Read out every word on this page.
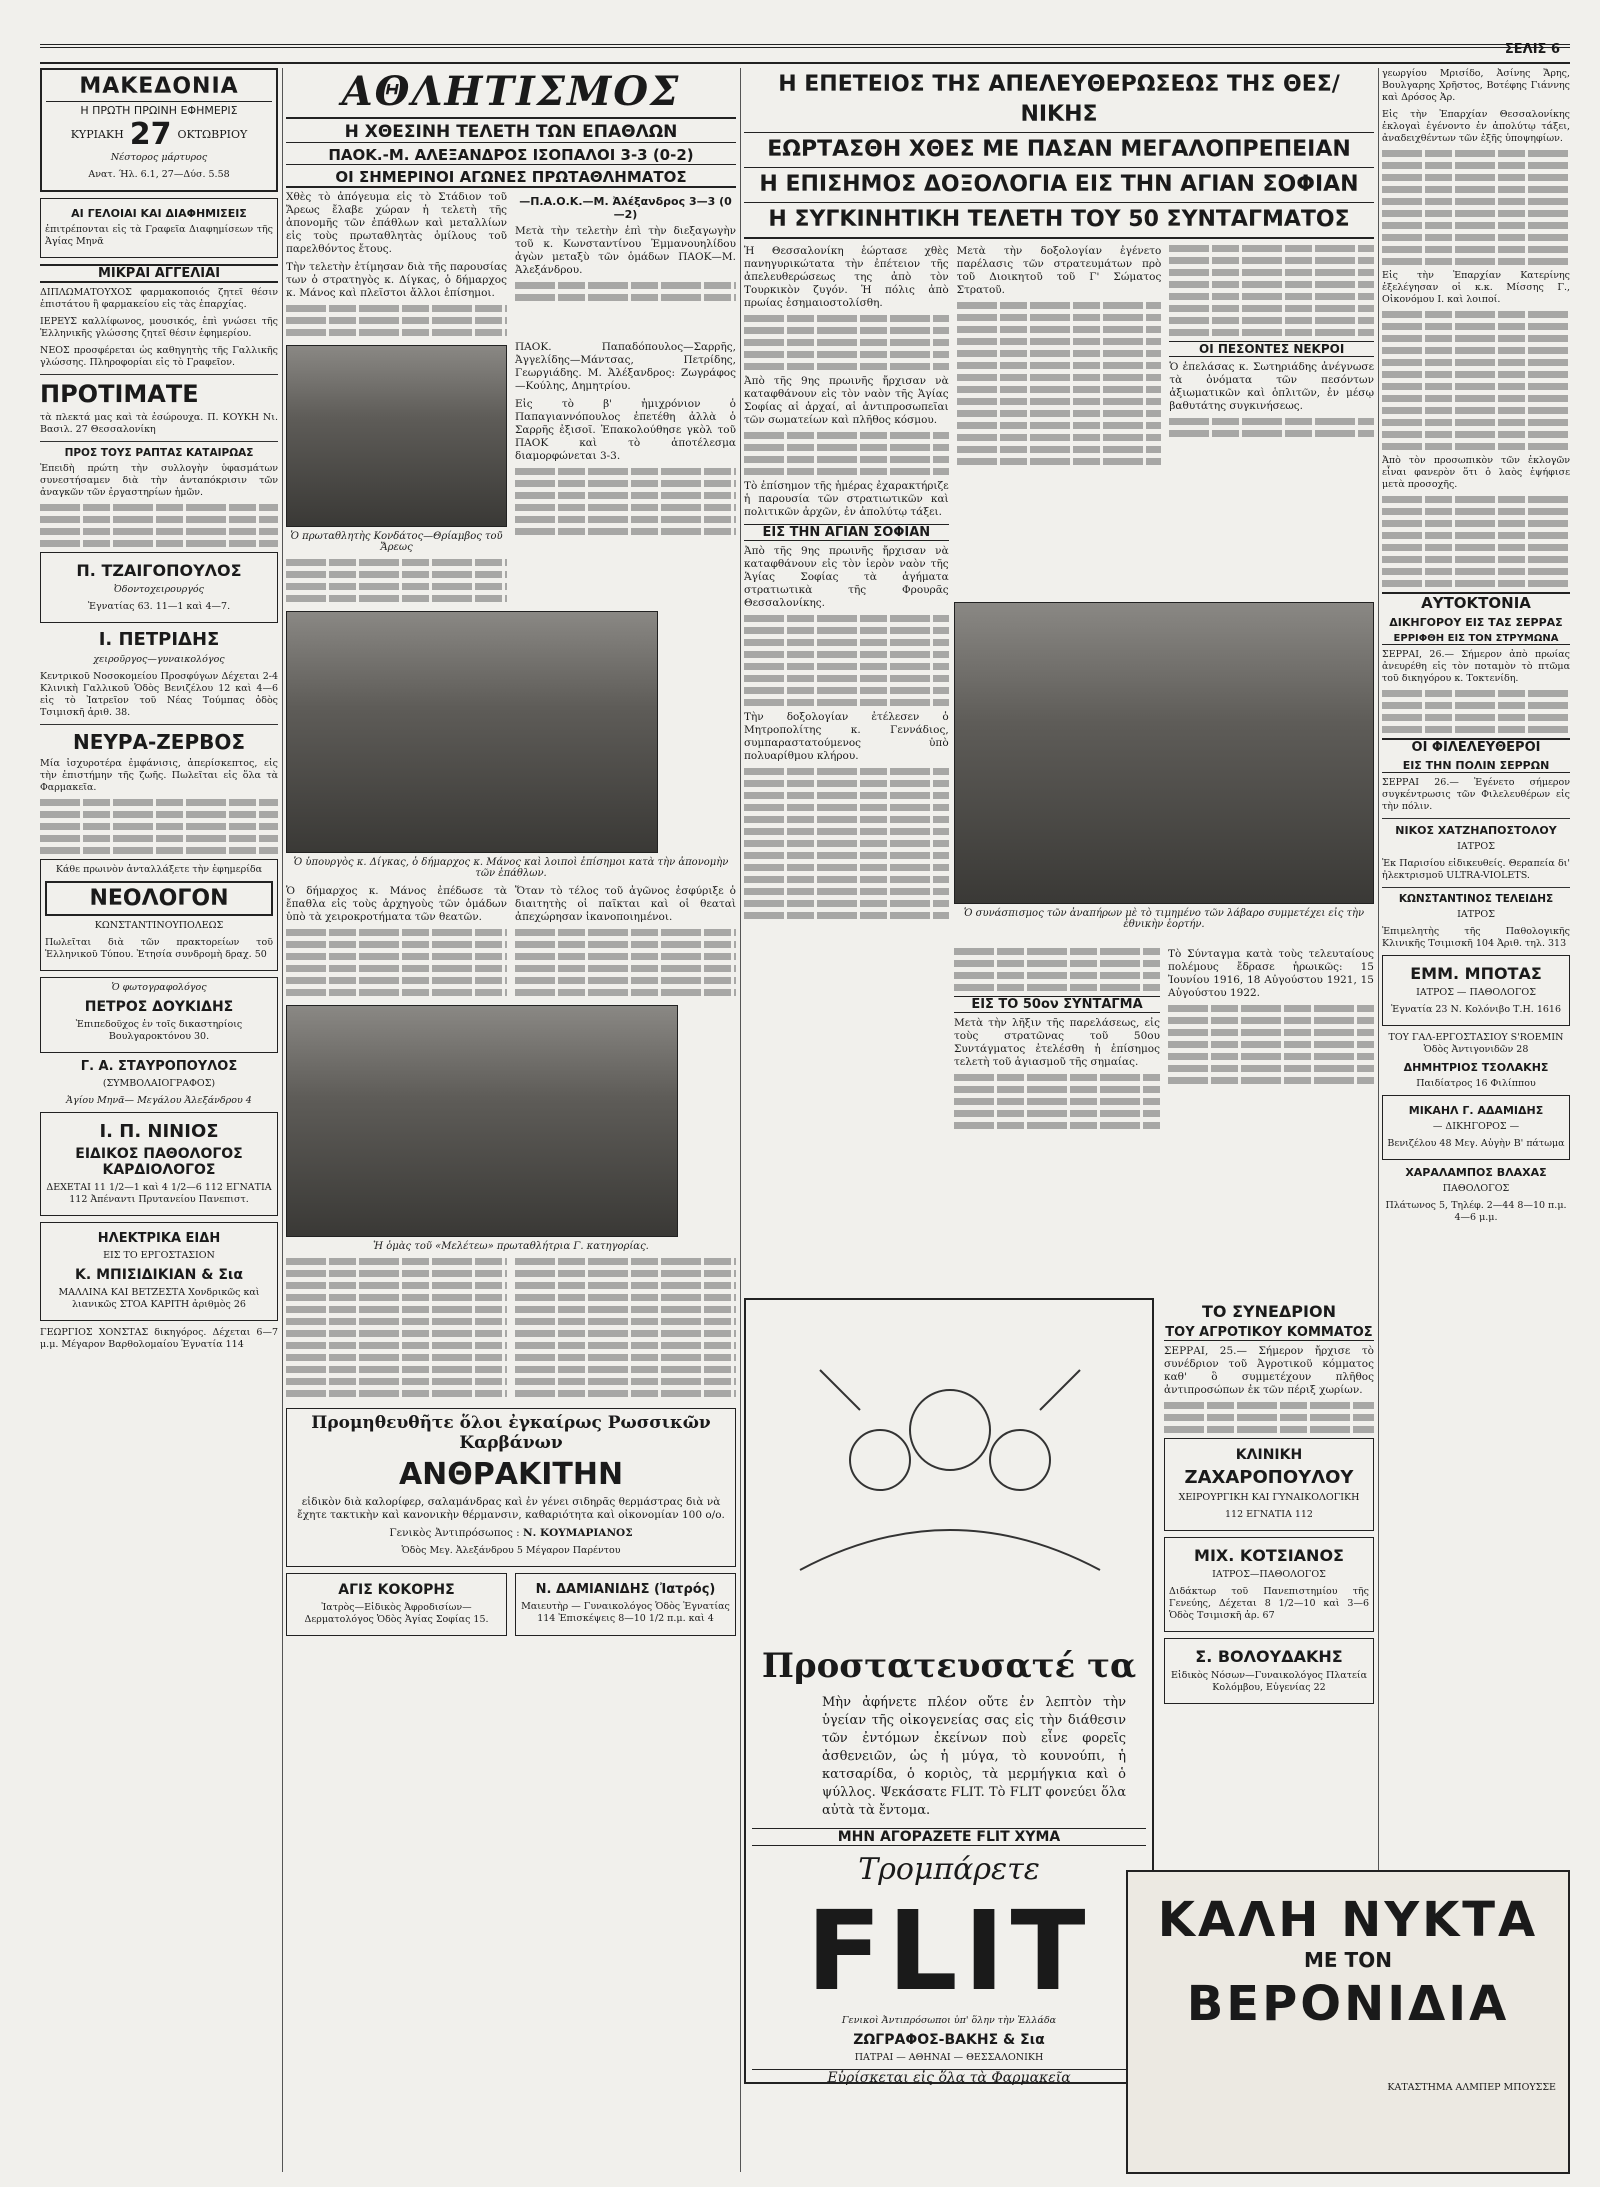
ΣΕΛΙΣ 6
ΜΑΚΕΔΟΝΙΑ
Η ΠΡΩΤΗ ΠΡΩΙΝΗ ΕΦΗΜΕΡΙΣ
ΚΥΡΙΑΚΗ 27 ΟΚΤΩΒΡΙΟΥ
Νέστορος μάρτυρος
Ανατ. Ήλ. 6.1, 27—Δύσ. 5.58
ΑΙ ΓΕΛΟΙΑΙ ΚΑΙ ΔΙΑΦΗΜΙΣΕΙΣ
ἐπιτρέπονται εἰς τὰ Γραφεῖα Διαφημίσεων τῆς Ἀγίας Μηνᾶ
ΜΙΚΡΑΙ ΑΓΓΕΛΙΑΙ

ΔΙΠΛΩΜΑΤΟΥΧΟΣ φαρμακοποιός ζητεῖ θέσιν ἐπιστάτου ἢ φαρμακείου εἰς τὰς ἐπαρχίας.

ΙΕΡΕΥΣ καλλίφωνος, μουσικός, ἐπὶ γνώσει τῆς Ἑλληνικῆς γλώσσης ζητεῖ θέσιν ἐφημερίου.

ΝΕΟΣ προσφέρεται ὡς καθηγητὴς τῆς Γαλλικῆς γλώσσης. Πληροφορίαι εἰς τὸ Γραφεῖον.

ΠΡΟΤΙΜΑΤΕ

τὰ πλεκτά μας καὶ τὰ ἐσώρουχα. Π. ΚΟΥΚΗ Νι. Βασιλ. 27 Θεσσαλονίκη

ΠΡΟΣ ΤΟΥΣ ΡΑΠΤΑΣ ΚΑΤΑΙΡΩΑΣ

Ἐπειδὴ πρώτη τὴν συλλογὴν ὑφασμάτων συνεστήσαμεν διὰ τὴν ἀνταπόκρισιν τῶν ἀναγκῶν τῶν ἐργαστηρίων ἡμῶν.

Π. ΤΖΑΙΓΟΠΟΥΛΟΣ
Ὀδοντοχειρουργός
Ἐγνατίας 63. 11—1 καὶ 4—7.
Ι. ΠΕΤΡΙΔΗΣ
χειροῦργος—γυναικολόγος

Κεντρικοῦ Νοσοκομείου Προσφύγων Δέχεται 2-4 Κλινικὴ Γαλλικοῦ Ὁδὸς Βενιζέλου 12 καὶ 4—6 εἰς τὸ Ἰατρεῖον τοῦ Νέας Τούμπας ὁδὸς Τσιμισκῆ ἀριθ. 38.

ΝΕΥΡΑ-ΖΕΡΒΟΣ

Μία ἰσχυροτέρα ἐμφάνισις, ἀπερίσκεπτος, εἰς τὴν ἐπιστήμην τῆς ζωῆς. Πωλεῖται εἰς ὅλα τὰ Φαρμακεῖα.

Κάθε πρωινὸν ἀνταλλάξετε τὴν ἐφημερίδα
ΝΕΟΛΟΓΟΝ
ΚΩΝΣΤΑΝΤΙΝΟΥΠΟΛΕΩΣ

Πωλεῖται διὰ τῶν πρακτορείων τοῦ Ἑλληνικοῦ Τύπου. Ἐτησία συνδρομὴ δραχ. 50

Ὁ φωτογραφολόγος
ΠΕΤΡΟΣ ΔΟΥΚΙΔΗΣ
Ἐπιπεδοῦχος ἐν τοῖς δικαστηρίοις Βουλγαροκτόνου 30.
Γ. Α. ΣΤΑΥΡΟΠΟΥΛΟΣ
(ΣΥΜΒΟΛΑΙΟΓΡΑΦΟΣ)
Ἁγίου Μηνᾶ— Μεγάλου Ἀλεξάνδρου 4
Ι. Π. ΝΙΝΙΟΣ
ΕΙΔΙΚΟΣ ΠΑΘΟΛΟΓΟΣ ΚΑΡΔΙΟΛΟΓΟΣ
ΔΕΧΕΤΑΙ 11 1/2—1 καὶ 4 1/2—6 112 ΕΓΝΑΤΙΑ 112 Ἀπέναντι Πρυτανείου Πανεπιστ.
ΗΛΕΚΤΡΙΚΑ ΕΙΔΗ
ΕΙΣ ΤΟ ΕΡΓΟΣΤΑΣΙΟΝ
Κ. ΜΠΙΣΙΔΙΚΙΑΝ & Σια
ΜΑΛΛΙΝΑ ΚΑΙ ΒΕΤΖΕΣΤΑ Χονδρικῶς καὶ λιανικῶς ΣΤΟΑ ΚΑΡΙΤΗ ἀριθμὸς 26

ΓΕΩΡΓΙΟΣ ΧΟΝΣΤΑΣ δικηγόρος. Δέχεται 6—7 μ.μ. Μέγαρον Βαρθολομαίου Ἐγνατία 114

ΑΘΛΗΤΙΣΜΟΣ
Η ΧΘΕΣΙΝΗ ΤΕΛΕΤΗ ΤΩΝ ΕΠΑΘΛΩΝ
ΠΑΟΚ.-Μ. ΑΛΕΞΑΝΔΡΟΣ ΙΣΟΠΑΛΟΙ 3-3 (0-2)
ΟΙ ΣΗΜΕΡΙΝΟΙ ΑΓΩΝΕΣ ΠΡΩΤΑΘΛΗΜΑΤΟΣ

Χθὲς τὸ ἀπόγευμα εἰς τὸ Στάδιον τοῦ Ἄρεως ἔλαβε χώραν ἡ τελετὴ τῆς ἀπονομῆς τῶν ἐπάθλων καὶ μεταλλίων εἰς τοὺς πρωταθλητὰς ὁμίλους τοῦ παρελθόντος ἔτους.

Τὴν τελετὴν ἐτίμησαν διὰ τῆς παρουσίας των ὁ στρατηγὸς κ. Δίγκας, ὁ δήμαρχος κ. Μάνος καὶ πλεῖστοι ἄλλοι ἐπίσημοι.

—Π.Α.Ο.Κ.—Μ. Ἀλέξανδρος 3—3 (0—2)

Μετὰ τὴν τελετὴν ἐπὶ τὴν διεξαγωγὴν τοῦ κ. Κωνσταντίνου Ἐμμανουηλίδου ἀγὼν μεταξὺ τῶν ὁμάδων ΠΑΟΚ—Μ. Ἀλεξάνδρου.

Ὁ πρωταθλητὴς Κονδάτος—Θρίαμβος τοῦ Ἄρεως

ΠΑΟΚ. Παπαδόπουλος—Σαρρῆς, Ἀγγελίδης—Μάντσας, Πετρίδης, Γεωργιάδης. Μ. Ἀλέξανδρος: Ζωγράφος—Κούλης, Δημητρίου.

Εἰς τὸ β' ἡμιχρόνιον ὁ Παπαγιαννόπουλος ἐπετέθη ἀλλὰ ὁ Σαρρῆς ἐξισοῖ. Ἐπακολούθησε γκὸλ τοῦ ΠΑΟΚ καὶ τὸ ἀποτέλεσμα διαμορφώνεται 3-3.

Ὁ ὑπουργὸς κ. Δίγκας, ὁ δήμαρχος κ. Μάνος καὶ λοιποὶ ἐπίσημοι κατὰ τὴν ἀπονομὴν τῶν ἐπάθλων.

Ὁ δήμαρχος κ. Μάνος ἐπέδωσε τὰ ἔπαθλα εἰς τοὺς ἀρχηγοὺς τῶν ὁμάδων ὑπὸ τὰ χειροκροτήματα τῶν θεατῶν.

Ὅταν τὸ τέλος τοῦ ἀγῶνος ἐσφύριξε ὁ διαιτητὴς οἱ παῖκται καὶ οἱ θεαταὶ ἀπεχώρησαν ἱκανοποιημένοι.

Ἡ ὁμὰς τοῦ «Μελέτεω» πρωταθλήτρια Γ. κατηγορίας.
Προμηθευθῆτε ὅλοι ἐγκαίρως Ρωσσικῶν Καρβάνων
ΑΝΘΡΑΚΙΤΗΝ
εἰδικὸν διὰ καλορίφερ, σαλαμάνδρας καὶ ἐν γένει σιδηρᾶς θερμάστρας διὰ νὰ ἔχητε τακτικὴν καὶ κανονικὴν θέρμανσιν, καθαριότητα καὶ οἰκονομίαν 100 ο/ο.
Γενικὸς Ἀντιπρόσωπος : Ν. ΚΟΥΜΑΡΙΑΝΟΣ
Ὁδὸς Μεγ. Ἀλεξάνδρου 5 Μέγαρον Παρέντου
ΑΓΙΣ ΚΟΚΟΡΗΣ
Ἰατρὸς—Εἰδικὸς Ἀφροδισίων—Δερματολόγος Ὁδὸς Ἁγίας Σοφίας 15.
Ν. ΔΑΜΙΑΝΙΔΗΣ (Ἰατρός)
Μαιευτὴρ — Γυναικολόγος Ὁδὸς Ἐγνατίας 114 Ἐπισκέψεις 8—10 1/2 π.μ. καὶ 4
Η ΕΠΕΤΕΙΟΣ ΤΗΣ ΑΠΕΛΕΥΘΕΡΩΣΕΩΣ ΤΗΣ ΘΕΣ/ΝΙΚΗΣ
ΕΩΡΤΑΣΘΗ ΧΘΕΣ ΜΕ ΠΑΣΑΝ ΜΕΓΑΛΟΠΡΕΠΕΙΑΝ
Η ΕΠΙΣΗΜΟΣ ΔΟΞΟΛΟΓΙΑ ΕΙΣ ΤΗΝ ΑΓΙΑΝ ΣΟΦΙΑΝ
Η ΣΥΓΚΙΝΗΤΙΚΗ ΤΕΛΕΤΗ ΤΟΥ 50 ΣΥΝΤΑΓΜΑΤΟΣ

Ἡ Θεσσαλονίκη ἑώρτασε χθὲς πανηγυρικώτατα τὴν ἐπέτειον τῆς ἀπελευθερώσεως της ἀπὸ τὸν Τουρκικὸν ζυγόν. Ἡ πόλις ἀπὸ πρωίας ἐσημαιοστολίσθη.

Ἀπὸ τῆς 9ης πρωινῆς ἤρχισαν νὰ καταφθάνουν εἰς τὸν ναὸν τῆς Ἁγίας Σοφίας αἱ ἀρχαί, αἱ ἀντιπροσωπεῖαι τῶν σωματείων καὶ πλῆθος κόσμου.

Τὸ ἐπίσημον τῆς ἡμέρας ἐχαρακτήριζε ἡ παρουσία τῶν στρατιωτικῶν καὶ πολιτικῶν ἀρχῶν, ἐν ἀπολύτῳ τάξει.

ΕΙΣ ΤΗΝ ΑΓΙΑΝ ΣΟΦΙΑΝ

Ἀπὸ τῆς 9ης πρωινῆς ἤρχισαν νὰ καταφθάνουν εἰς τὸν ἱερὸν ναὸν τῆς Ἁγίας Σοφίας τὰ ἀγήματα στρατιωτικὰ τῆς Φρουρᾶς Θεσσαλονίκης.

Τὴν δοξολογίαν ἐτέλεσεν ὁ Μητροπολίτης κ. Γεννάδιος, συμπαραστατούμενος ὑπὸ πολυαρίθμου κλήρου.

Μετὰ τὴν δοξολογίαν ἐγένετο παρέλασις τῶν στρατευμάτων πρὸ τοῦ Διοικητοῦ τοῦ Γ' Σώματος Στρατοῦ.

ΟΙ ΠΕΣΟΝΤΕΣ ΝΕΚΡΟΙ

Ὁ ἐπελάσας κ. Σωτηριάδης ἀνέγνωσε τὰ ὀνόματα τῶν πεσόντων ἀξιωματικῶν καὶ ὁπλιτῶν, ἐν μέσῳ βαθυτάτης συγκινήσεως.

Ὁ συνάσπισμος τῶν ἀναπήρων μὲ τὸ τιμημένο τῶν λάβαρο συμμετέχει εἰς τὴν ἐθνικὴν ἑορτήν.
ΕΙΣ ΤΟ 50ον ΣΥΝΤΑΓΜΑ

Μετὰ τὴν λῆξιν τῆς παρελάσεως, εἰς τοὺς στρατῶνας τοῦ 50ου Συντάγματος ἐτελέσθη ἡ ἐπίσημος τελετὴ τοῦ ἁγιασμοῦ τῆς σημαίας.

Τὸ Σύνταγμα κατὰ τοὺς τελευταίους πολέμους ἔδρασε ἡρωικῶς: 15 Ἰουνίου 1916, 18 Αὐγούστου 1921, 15 Αὐγούστου 1922.

Προστατευσατέ τα

Μὴν ἀφήνετε πλέον οὔτε ἐν λεπτὸν τὴν ὑγείαν τῆς οἰκογενείας σας εἰς τὴν διάθεσιν τῶν ἐντόμων ἐκείνων ποὺ εἶνε φορεῖς ἀσθενειῶν, ὡς ἡ μύγα, τὸ κουνούπι, ἡ κατσαρίδα, ὁ κοριὸς, τὰ μερμήγκια καὶ ὁ ψύλλος. Ψεκάσατε FLIT. Τὸ FLIT φονεύει ὅλα αὐτὰ τὰ ἔντομα.

ΜΗΝ ΑΓΟΡΑΖΕΤΕ FLIT ΧΥΜΑ
Τρομπάρετε
FLIT
Γενικοὶ Ἀντιπρόσωποι ὑπ' ὅλην τὴν Ἑλλάδα
ΖΩΓΡΑΦΟΣ-ΒΑΚΗΣ & Σια
ΠΑΤΡΑΙ — ΑΘΗΝΑΙ — ΘΕΣΣΑΛΟΝΙΚΗ
Εὑρίσκεται εἰς ὅλα τὰ Φαρμακεῖα
ΤΟ ΣΥΝΕΔΡΙΟΝ
ΤΟΥ ΑΓΡΟΤΙΚΟΥ ΚΟΜΜΑΤΟΣ

ΣΕΡΡΑΙ, 25.— Σήμερον ἤρχισε τὸ συνέδριον τοῦ Ἀγροτικοῦ κόμματος καθ' ὃ συμμετέχουν πλῆθος ἀντιπροσώπων ἐκ τῶν πέριξ χωρίων.

ΚΛΙΝΙΚΗ
ΖΑΧΑΡΟΠΟΥΛΟΥ
ΧΕΙΡΟΥΡΓΙΚΗ ΚΑΙ ΓΥΝΑΙΚΟΛΟΓΙΚΗ
112 ΕΓΝΑΤΙΑ 112
ΜΙΧ. ΚΟΤΣΙΑΝΟΣ
ΙΑΤΡΟΣ—ΠΑΘΟΛΟΓΟΣ

Διδάκτωρ τοῦ Πανεπιστημίου τῆς Γενεύης, Δέχεται 8 1/2—10 καὶ 3—6 Ὁδὸς Τσιμισκῆ ἀρ. 67

Σ. ΒΟΛΟΥΔΑΚΗΣ
Εἰδικὸς Νόσων—Γυναικολόγος Πλατεία Κολόμβου, Εὐγενίας 22

γεωργίου Μρισίδο, Ἀσίνης Ἄρης, Βουλγαρης Χρῆστος, Βοτέφης Γιάννης καὶ Δρόσος Ἀρ.

Εἰς τὴν Ἐπαρχίαν Θεσσαλονίκης ἐκλογαὶ ἐγένοντο ἐν ἀπολύτῳ τάξει, ἀναδειχθέντων τῶν ἐξῆς ὑποψηφίων.

Εἰς τὴν Ἐπαρχίαν Κατερίνης ἐξελέγησαν οἱ κ.κ. Μίσσης Γ., Οἰκονόμου Ι. καὶ λοιποί.

Ἀπὸ τὸν προσωπικὸν τῶν ἐκλογῶν εἶναι φανερὸν ὅτι ὁ λαὸς ἐψήφισε μετὰ προσοχῆς.

ΑΥΤΟΚΤΟΝΙΑ
ΔΙΚΗΓΟΡΟΥ ΕΙΣ ΤΑΣ ΣΕΡΡΑΣ
ΕΡΡΙΦΘΗ ΕΙΣ ΤΟΝ ΣΤΡΥΜΩΝΑ

ΣΕΡΡΑΙ, 26.— Σήμερον ἀπὸ πρωίας ἀνευρέθη εἰς τὸν ποταμὸν τὸ πτῶμα τοῦ δικηγόρου κ. Τοκτενίδη.

ΟΙ ΦΙΛΕΛΕΥΘΕΡΟΙ
ΕΙΣ ΤΗΝ ΠΟΛΙΝ ΣΕΡΡΩΝ

ΣΕΡΡΑΙ 26.— Ἐγένετο σήμερον συγκέντρωσις τῶν Φιλελευθέρων εἰς τὴν πόλιν.

ΝΙΚΟΣ ΧΑΤΖΗΑΠΟΣΤΟΛΟΥ
ΙΑΤΡΟΣ

Ἐκ Παρισίου εἰδικευθείς. Θεραπεία δι' ἠλεκτρισμοῦ ULTRA-VIOLETS.

ΚΩΝΣΤΑΝΤΙΝΟΣ ΤΕΛΕΙΔΗΣ
ΙΑΤΡΟΣ

Ἐπιμελητὴς τῆς Παθολογικῆς Κλινικῆς Τσιμισκῆ 104 Ἀριθ. τηλ. 313

ΕΜΜ. ΜΠΟΤΑΣ
ΙΑΤΡΟΣ — ΠΑΘΟΛΟΓΟΣ
Ἐγνατία 23 Ν. Κολόνιβο Τ.Η. 1616

ΤΟΥ ΓΑΛ-ΕΡΓΟΣΤΑΣΙΟΥ S'ROEMIN Ὁδὸς Ἀντιγονιδῶν 28

ΔΗΜΗΤΡΙΟΣ ΤΣΟΛΑΚΗΣ
Παιδίατρος 16 Φιλίππου
ΜΙΚΑΗΛ Γ. ΑΔΑΜΙΔΗΣ
— ΔΙΚΗΓΟΡΟΣ —
Βενιζέλου 48 Μεγ. Αὐγὴν Β' πάτωμα
ΧΑΡΑΛΑΜΠΟΣ ΒΛΑΧΑΣ
ΠΑΘΟΛΟΓΟΣ
Πλάτωνος 5, Τηλέφ. 2—44 8—10 π.μ. 4—6 μ.μ.
ΚΑΛΗ ΝΥΚΤΑ
ΜΕ ΤΟΝ
ΒΕΡΟΝΙΔΙΑ
ΚΑΤΑΣΤΗΜΑ ΑΛΜΠΕΡ ΜΠΟΥΣΣΕ
